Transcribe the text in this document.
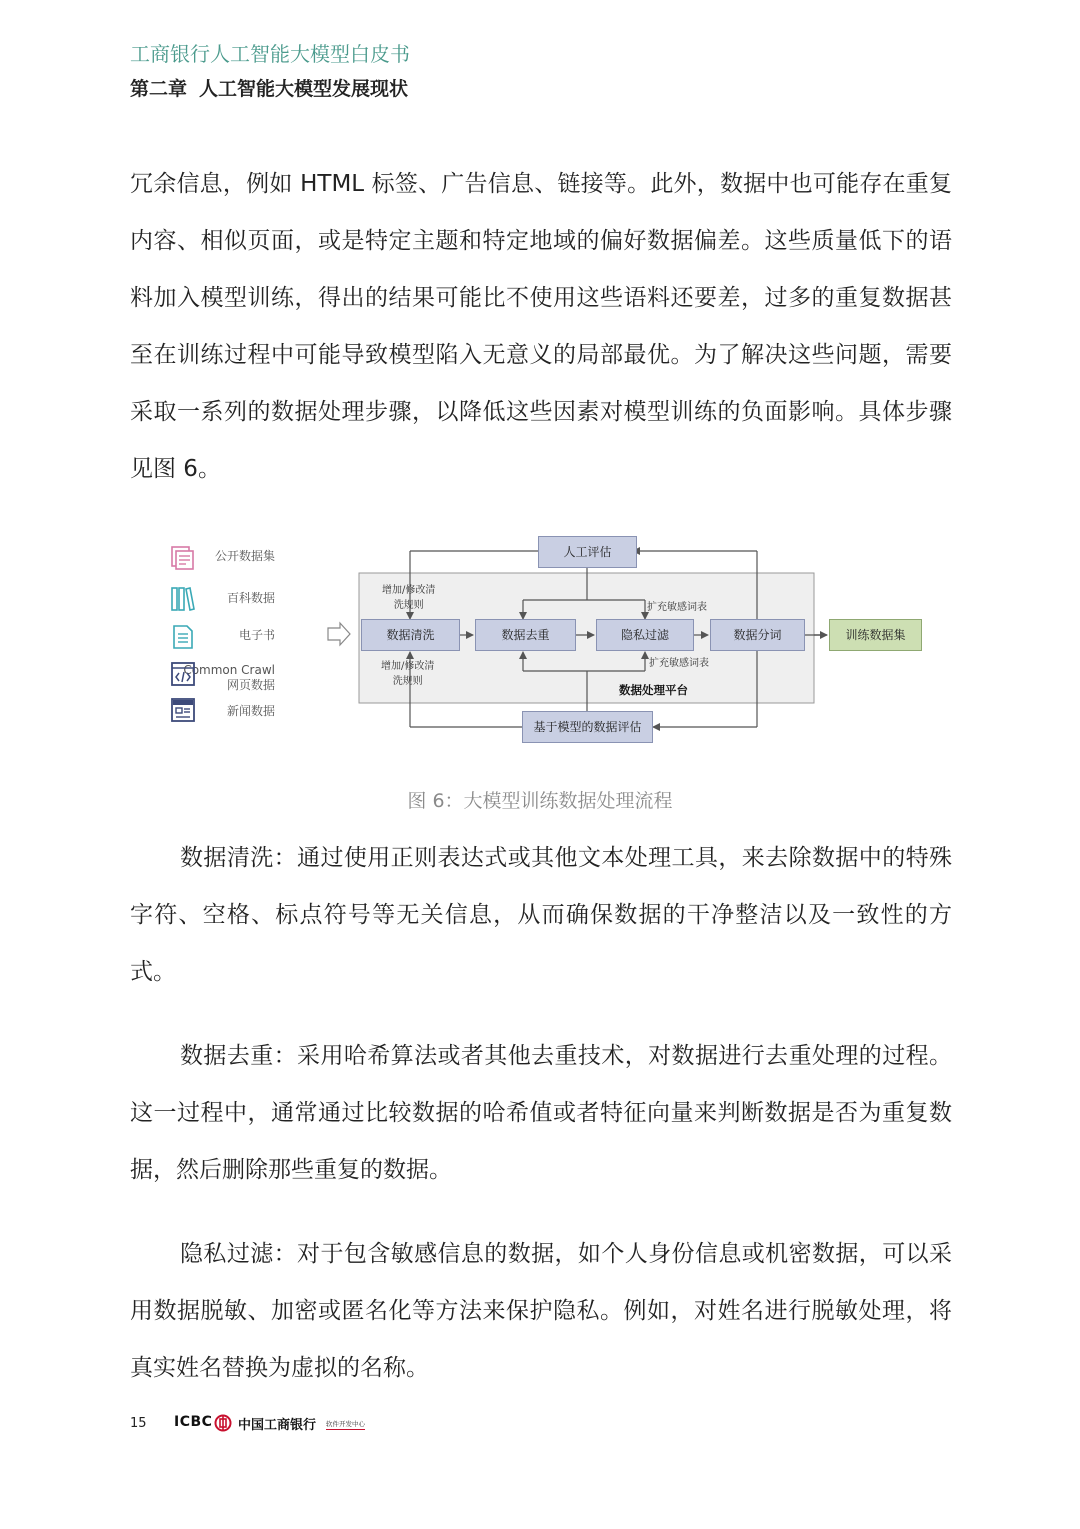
工商银行人工智能大模型白皮书
第二章 人工智能大模型发展现状

冗余信息，例如 HTML 标签、广告信息、链接等。此外，数据中也可能存在重复内容、相似页面，或是特定主题和特定地域的偏好数据偏差。这些质量低下的语料加入模型训练，得出的结果可能比不使用这些语料还要差，过多的重复数据甚至在训练过程中可能导致模型陷入无意义的局部最优。为了解决这些问题，需要采取一系列的数据处理步骤，以降低这些因素对模型训练的负面影响。具体步骤见图 6。

公开数据集
百科数据
电子书
Common Crawl
网页数据
新闻数据
人工评估
数据清洗	数据去重	隐私过滤	数据分词	训练数据集
基于模型的数据评估
增加/修改清
洗规则
增加/修改清
洗规则
扩充敏感词表
扩充敏感词表
数据处理平台
图 6：大模型训练数据处理流程

数据清洗：通过使用正则表达式或其他文本处理工具，来去除数据中的特殊字符、空格、标点符号等无关信息，从而确保数据的干净整洁以及一致性的方式。

数据去重：采用哈希算法或者其他去重技术，对数据进行去重处理的过程。这一过程中，通常通过比较数据的哈希值或者特征向量来判断数据是否为重复数据，然后删除那些重复的数据。

隐私过滤：对于包含敏感信息的数据，如个人身份信息或机密数据，可以采用数据脱敏、加密或匿名化等方法来保护隐私。例如，对姓名进行脱敏处理，将真实姓名替换为虚拟的名称。

15 ICBC 中国工商银行 软件开发中心
